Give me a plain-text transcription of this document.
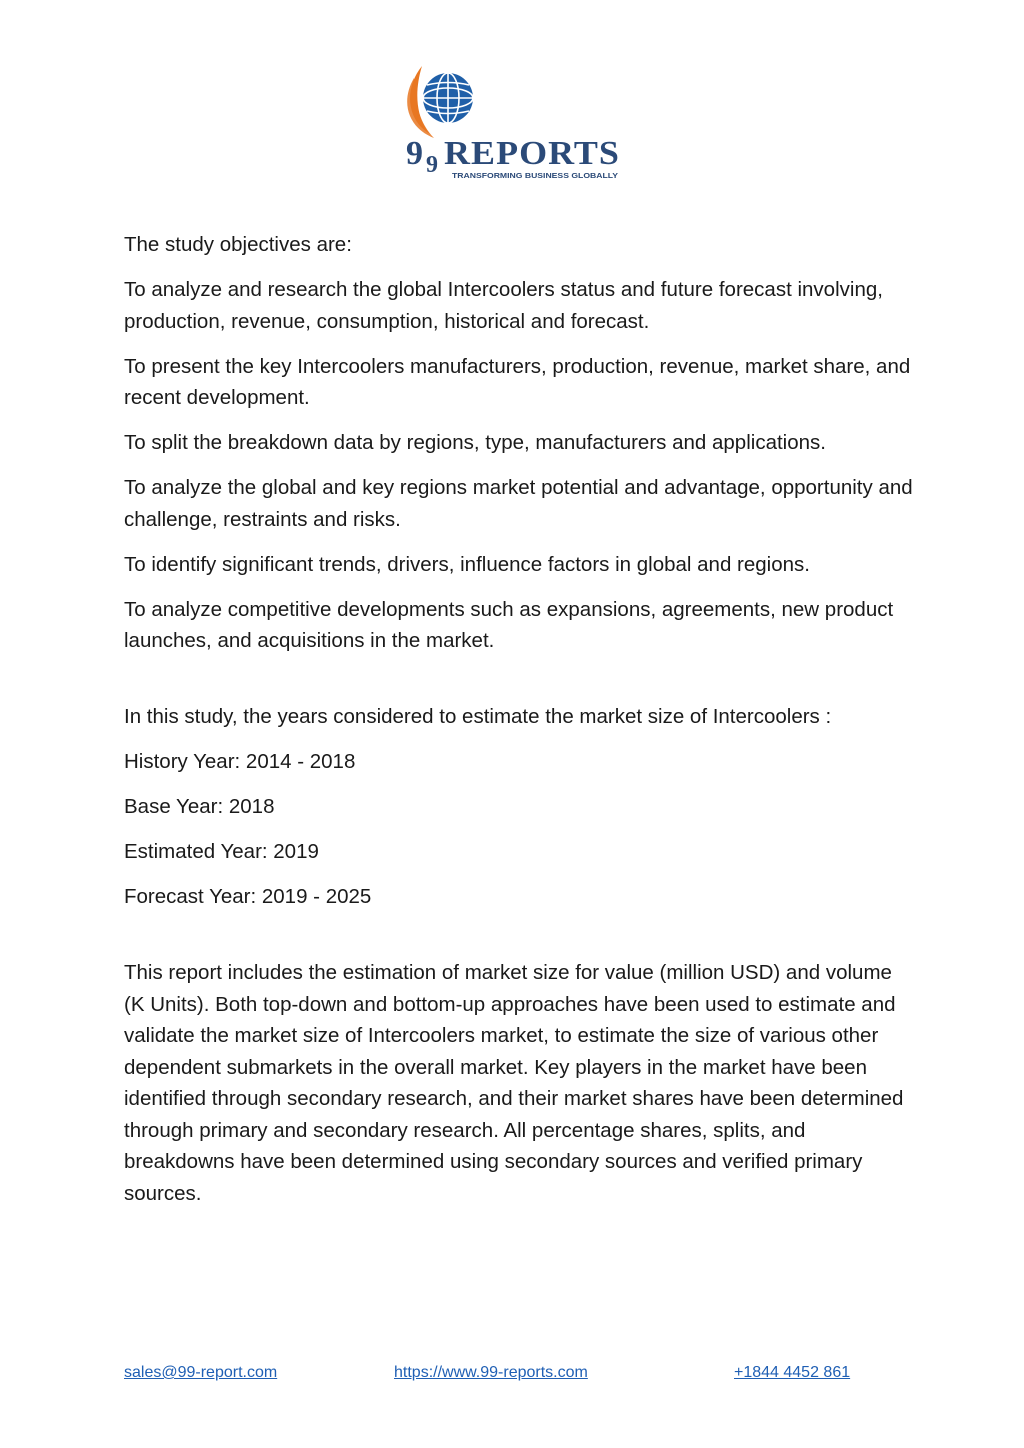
9 9 REPORTS
TRANSFORMING BUSINESS GLOBALLY

The study objectives are:

To analyze and research the global Intercoolers status and future forecast involving, production, revenue, consumption, historical and forecast.

To present the key Intercoolers manufacturers, production, revenue, market share, and recent development.

To split the breakdown data by regions, type, manufacturers and applications.

To analyze the global and key regions market potential and advantage, opportunity and challenge, restraints and risks.

To identify significant trends, drivers, influence factors in global and regions.

To analyze competitive developments such as expansions, agreements, new product launches, and acquisitions in the market.

In this study, the years considered to estimate the market size of Intercoolers :

History Year: 2014 - 2018

Base Year: 2018

Estimated Year: 2019

Forecast Year: 2019 - 2025

This report includes the estimation of market size for value (million USD) and volume (K Units). Both top-down and bottom-up approaches have been used to estimate and validate the market size of Intercoolers market, to estimate the size of various other dependent submarkets in the overall market. Key players in the market have been identified through secondary research, and their market shares have been determined through primary and secondary research. All percentage shares, splits, and breakdowns have been determined using secondary sources and verified primary sources.

sales@99-report.com	https://www.99-reports.com	+1844 4452 861
